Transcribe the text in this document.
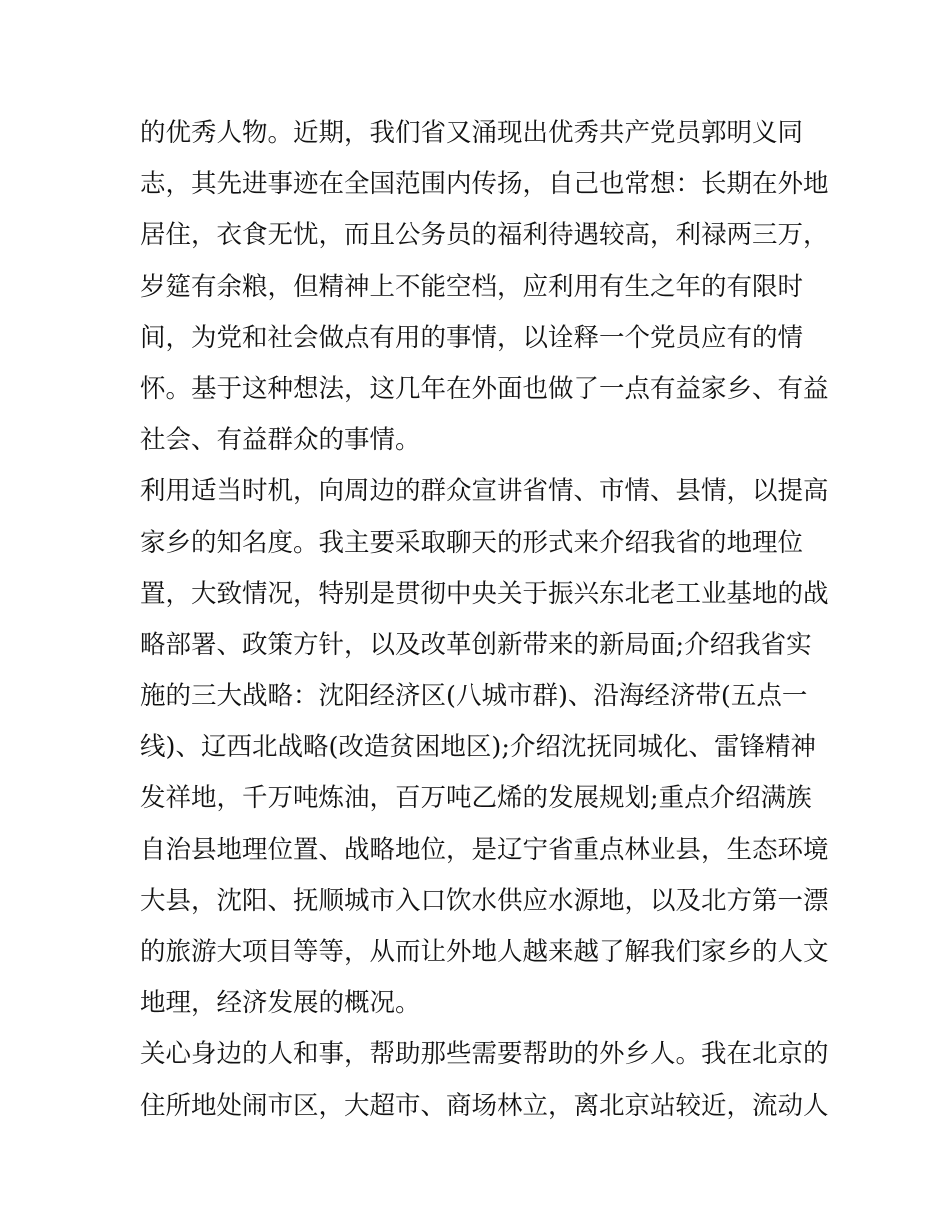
的优秀人物。近期，我们省又涌现出优秀共产党员郭明义同
志，其先进事迹在全国范围内传扬，自己也常想：长期在外地
居住，衣食无忧，而且公务员的福利待遇较高，利禄两三万，
岁筵有余粮，但精神上不能空档，应利用有生之年的有限时
间，为党和社会做点有用的事情，以诠释一个党员应有的情
怀。基于这种想法，这几年在外面也做了一点有益家乡、有益
社会、有益群众的事情。
利用适当时机，向周边的群众宣讲省情、市情、县情，以提高
家乡的知名度。我主要采取聊天的形式来介绍我省的地理位
置，大致情况，特别是贯彻中央关于振兴东北老工业基地的战
略部署、政策方针，以及改革创新带来的新局面;介绍我省实
施的三大战略：沈阳经济区(八城市群)、沿海经济带(五点一
线)、辽西北战略(改造贫困地区);介绍沈抚同城化、雷锋精神
发祥地，千万吨炼油，百万吨乙烯的发展规划;重点介绍满族
自治县地理位置、战略地位，是辽宁省重点林业县，生态环境
大县，沈阳、抚顺城市入口饮水供应水源地，以及北方第一漂
的旅游大项目等等，从而让外地人越来越了解我们家乡的人文
地理，经济发展的概况。
关心身边的人和事，帮助那些需要帮助的外乡人。我在北京的
住所地处闹市区，大超市、商场林立，离北京站较近，流动人
